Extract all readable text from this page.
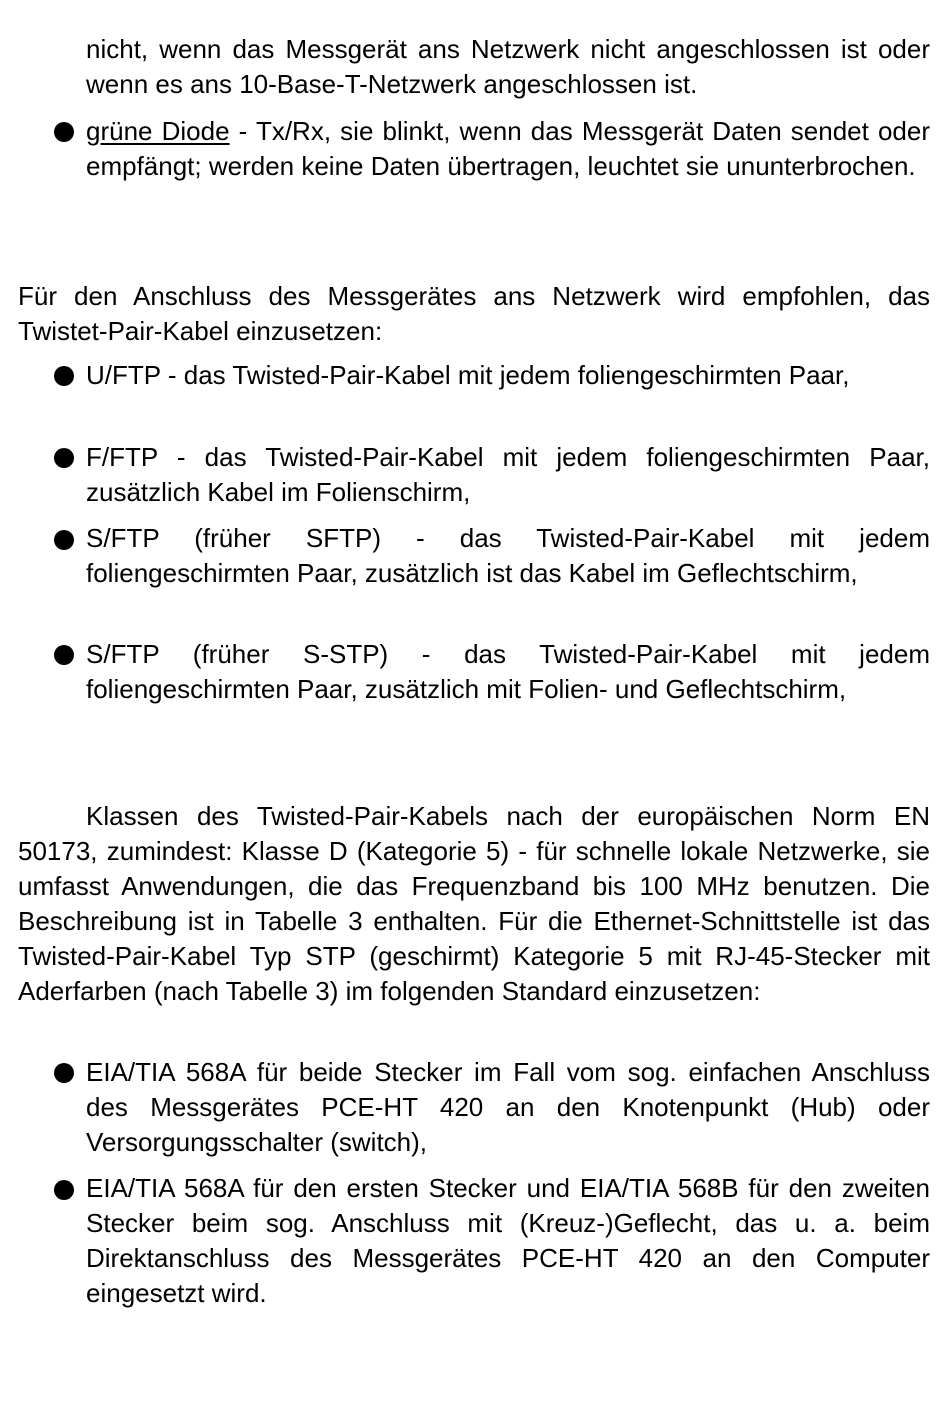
nicht, wenn das Messgerät ans Netzwerk nicht angeschlossen ist oder wenn es ans 10-Base-T-Netzwerk angeschlossen ist.
grüne Diode - Tx/Rx, sie blinkt, wenn das Messgerät Daten sendet oder empfängt; werden keine Daten übertragen, leuchtet sie ununterbrochen.
Für den Anschluss des Messgerätes ans Netzwerk wird empfohlen, das Twistet-Pair-Kabel einzusetzen:
U/FTP - das Twisted-Pair-Kabel mit jedem foliengeschirmten Paar,
F/FTP - das Twisted-Pair-Kabel mit jedem foliengeschirmten Paar, zusätzlich Kabel im Folienschirm,
S/FTP (früher SFTP) - das Twisted-Pair-Kabel mit jedem foliengeschirmten Paar, zusätzlich ist das Kabel im Geflechtschirm,
S/FTP (früher S-STP) - das Twisted-Pair-Kabel mit jedem foliengeschirmten Paar, zusätzlich mit Folien- und Geflechtschirm,
Klassen des Twisted-Pair-Kabels nach der europäischen Norm EN 50173, zumindest: Klasse D (Kategorie 5) - für schnelle lokale Netzwerke, sie umfasst Anwendungen, die das Frequenzband bis 100 MHz benutzen. Die Beschreibung ist in Tabelle 3 enthalten. Für die Ethernet-Schnittstelle ist das Twisted-Pair-Kabel Typ STP (geschirmt) Kategorie 5 mit RJ-45-Stecker mit Aderfarben (nach Tabelle 3) im folgenden Standard einzusetzen:
EIA/TIA 568A für beide Stecker im Fall vom sog. einfachen Anschluss des Messgerätes PCE-HT 420 an den Knotenpunkt (Hub) oder Versorgungsschalter (switch),
EIA/TIA 568A für den ersten Stecker und EIA/TIA 568B für den zweiten Stecker beim sog. Anschluss mit (Kreuz-)Geflecht, das u. a. beim Direktanschluss des Messgerätes PCE-HT 420 an den Computer eingesetzt wird.
